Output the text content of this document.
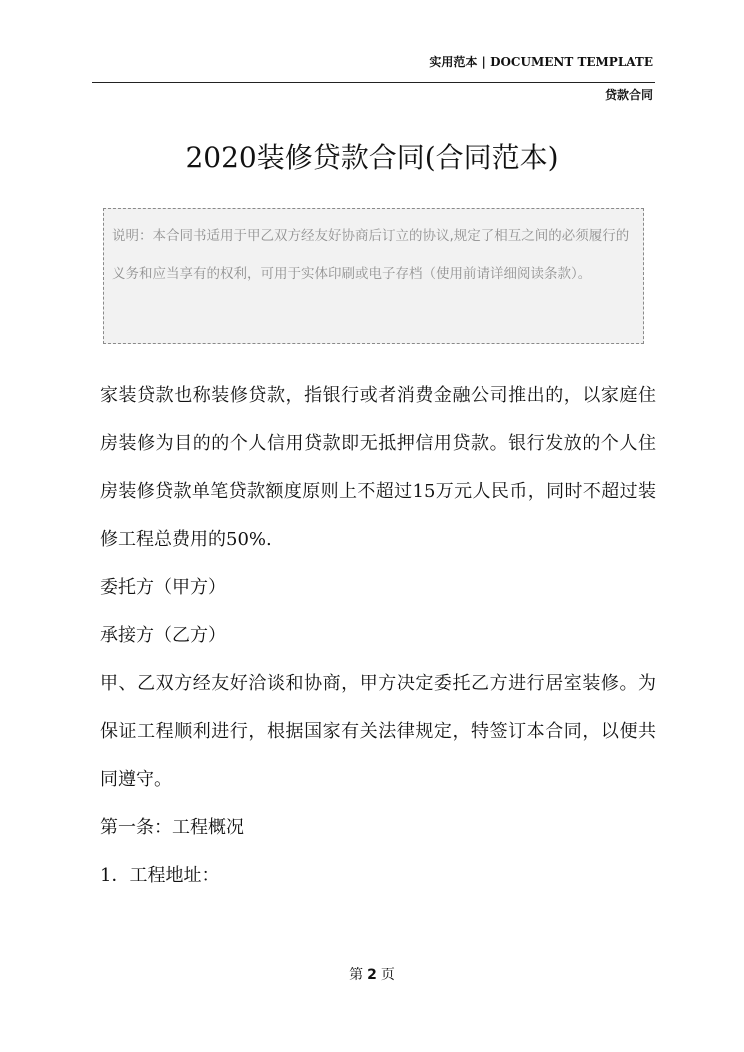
实用范本 | DOCUMENT TEMPLATE
贷款合同
2020装修贷款合同(合同范本)

说明：本合同书适用于甲乙双方经友好协商后订立的协议,规定了相互之间的必须履行的义务和应当享有的权利，可用于实体印刷或电子存档（使用前请详细阅读条款）。

家装贷款也称装修贷款，指银行或者消费金融公司推出的，以家庭住房装修为目的的个人信用贷款即无抵押信用贷款。银行发放的个人住房装修贷款单笔贷款额度原则上不超过15万元人民币，同时不超过装修工程总费用的50%.

委托方（甲方）

承接方（乙方）

甲、乙双方经友好洽谈和协商，甲方决定委托乙方进行居室装修。为保证工程顺利进行，根据国家有关法律规定，特签订本合同，以便共同遵守。

第一条：工程概况

1．工程地址：

第 2 页
